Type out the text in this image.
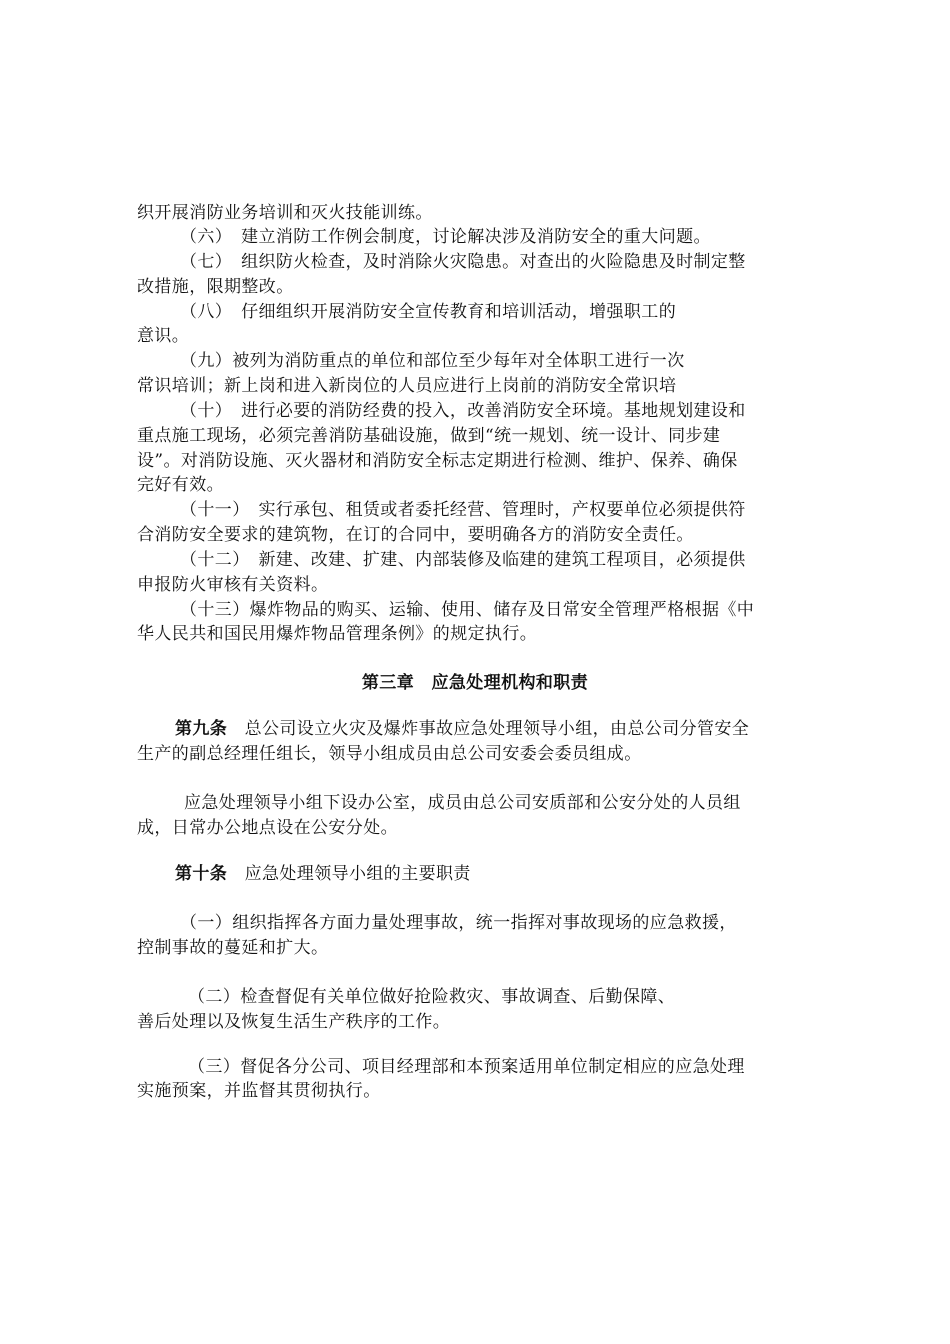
织开展消防业务培训和灭火技能训练。
（六）　建立消防工作例会制度，讨论解决涉及消防安全的重大问题。
（七）　组织防火检查，及时消除火灾隐患。对查出的火险隐患及时制定整
改措施，限期整改。
（八）　仔细组织开展消防安全宣传教育和培训活动，增强职工的
意识。
（九）被列为消防重点的单位和部位至少每年对全体职工进行一次
常识培训；新上岗和进入新岗位的人员应进行上岗前的消防安全常识培
（十）　进行必要的消防经费的投入，改善消防安全环境。基地规划建设和
重点施工现场，必须完善消防基础设施，做到“统一规划、统一设计、同步建
设”。对消防设施、灭火器材和消防安全标志定期进行检测、维护、保养、确保
完好有效。
（十一）　实行承包、租赁或者委托经营、管理时，产权要单位必须提供符
合消防安全要求的建筑物，在订的合同中，要明确各方的消防安全责任。
（十二）　新建、改建、扩建、内部装修及临建的建筑工程项目，必须提供
申报防火审核有关资料。
（十三）爆炸物品的购买、运输、使用、储存及日常安全管理严格根据《中
华人民共和国民用爆炸物品管理条例》的规定执行。
第三章　应急处理机构和职责
第九条　总公司设立火灾及爆炸事故应急处理领导小组，由总公司分管安全
生产的副总经理任组长，领导小组成员由总公司安委会委员组成。
应急处理领导小组下设办公室，成员由总公司安质部和公安分处的人员组
成，日常办公地点设在公安分处。
第十条　应急处理领导小组的主要职责
（一）组织指挥各方面力量处理事故，统一指挥对事故现场的应急救援，
控制事故的蔓延和扩大。
（二）检查督促有关单位做好抢险救灾、事故调查、后勤保障、
善后处理以及恢复生活生产秩序的工作。
（三）督促各分公司、项目经理部和本预案适用单位制定相应的应急处理
实施预案，并监督其贯彻执行。
